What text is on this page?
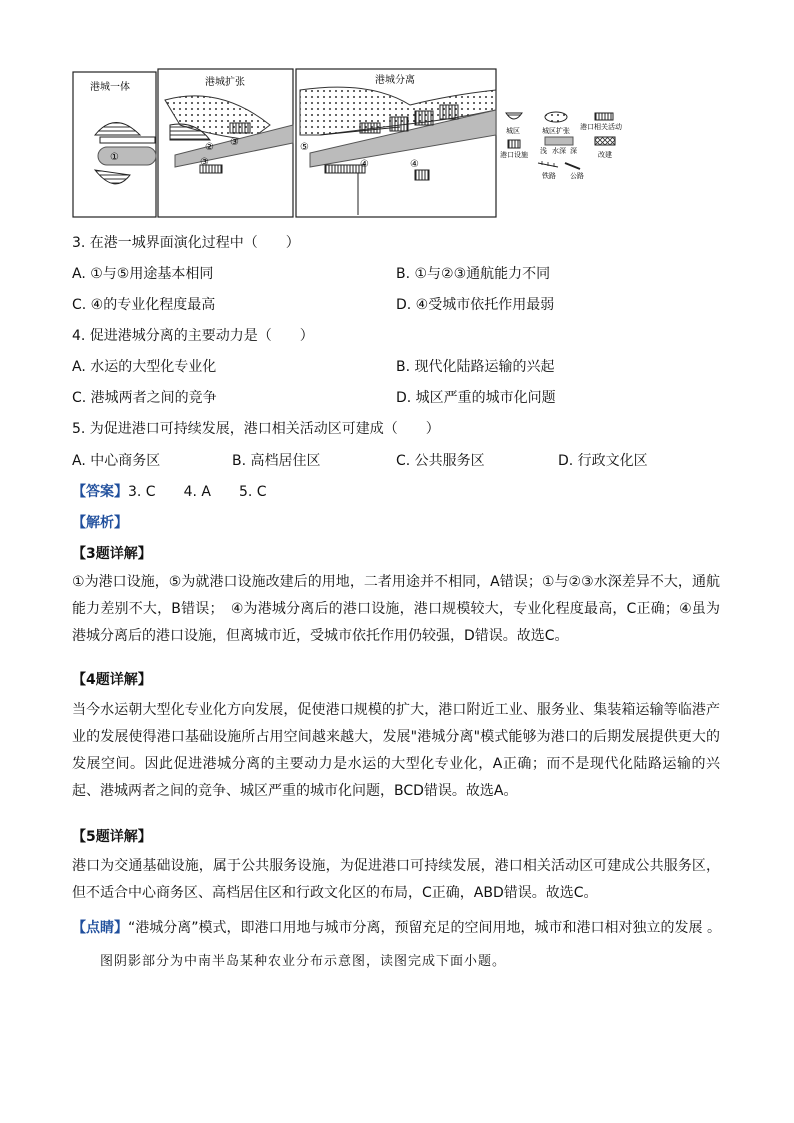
港城一体
①
港城扩张
② ③
③
港城分离
⑤
④	④
城区	城区扩张 港口相关活动
港口设施 浅 水深 深	改建
铁路 公路
3. 在港一城界面演化过程中（　　）
A. ①与⑤用途基本相同	B. ①与②③通航能力不同
C. ④的专业化程度最高	D. ④受城市依托作用最弱
4. 促进港城分离的主要动力是（　　）
A. 水运的大型化专业化	B. 现代化陆路运输的兴起
C. 港城两者之间的竞争	D. 城区严重的城市化问题
5. 为促进港口可持续发展，港口相关活动区可建成（　　）
A. 中心商务区	B. 高档居住区	C. 公共服务区	D. 行政文化区
【答案】3. C　　4. A　　5. C
【解析】
【3题详解】
①为港口设施，⑤为就港口设施改建后的用地，二者用途并不相同，A错误；①与②③水深差异不大，通航能力差别不大，B错误；　④为港城分离后的港口设施，港口规模较大，专业化程度最高，C正确；④虽为港城分离后的港口设施，但离城市近，受城市依托作用仍较强，D错误。故选C。
【4题详解】
当今水运朝大型化专业化方向发展，促使港口规模的扩大，港口附近工业、服务业、集装箱运输等临港产业的发展使得港口基础设施所占用空间越来越大，发展"港城分离"模式能够为港口的后期发展提供更大的发展空间。因此促进港城分离的主要动力是水运的大型化专业化，A正确；而不是现代化陆路运输的兴起、港城两者之间的竞争、城区严重的城市化问题，BCD错误。故选A。
【5题详解】
港口为交通基础设施，属于公共服务设施，为促进港口可持续发展，港口相关活动区可建成公共服务区，但不适合中心商务区、高档居住区和行政文化区的布局，C正确，ABD错误。故选C。
【点睛】“港城分离”模式，即港口用地与城市分离，预留充足的空间用地，城市和港口相对独立的发展 。
图阴影部分为中南半岛某种农业分布示意图，读图完成下面小题。
